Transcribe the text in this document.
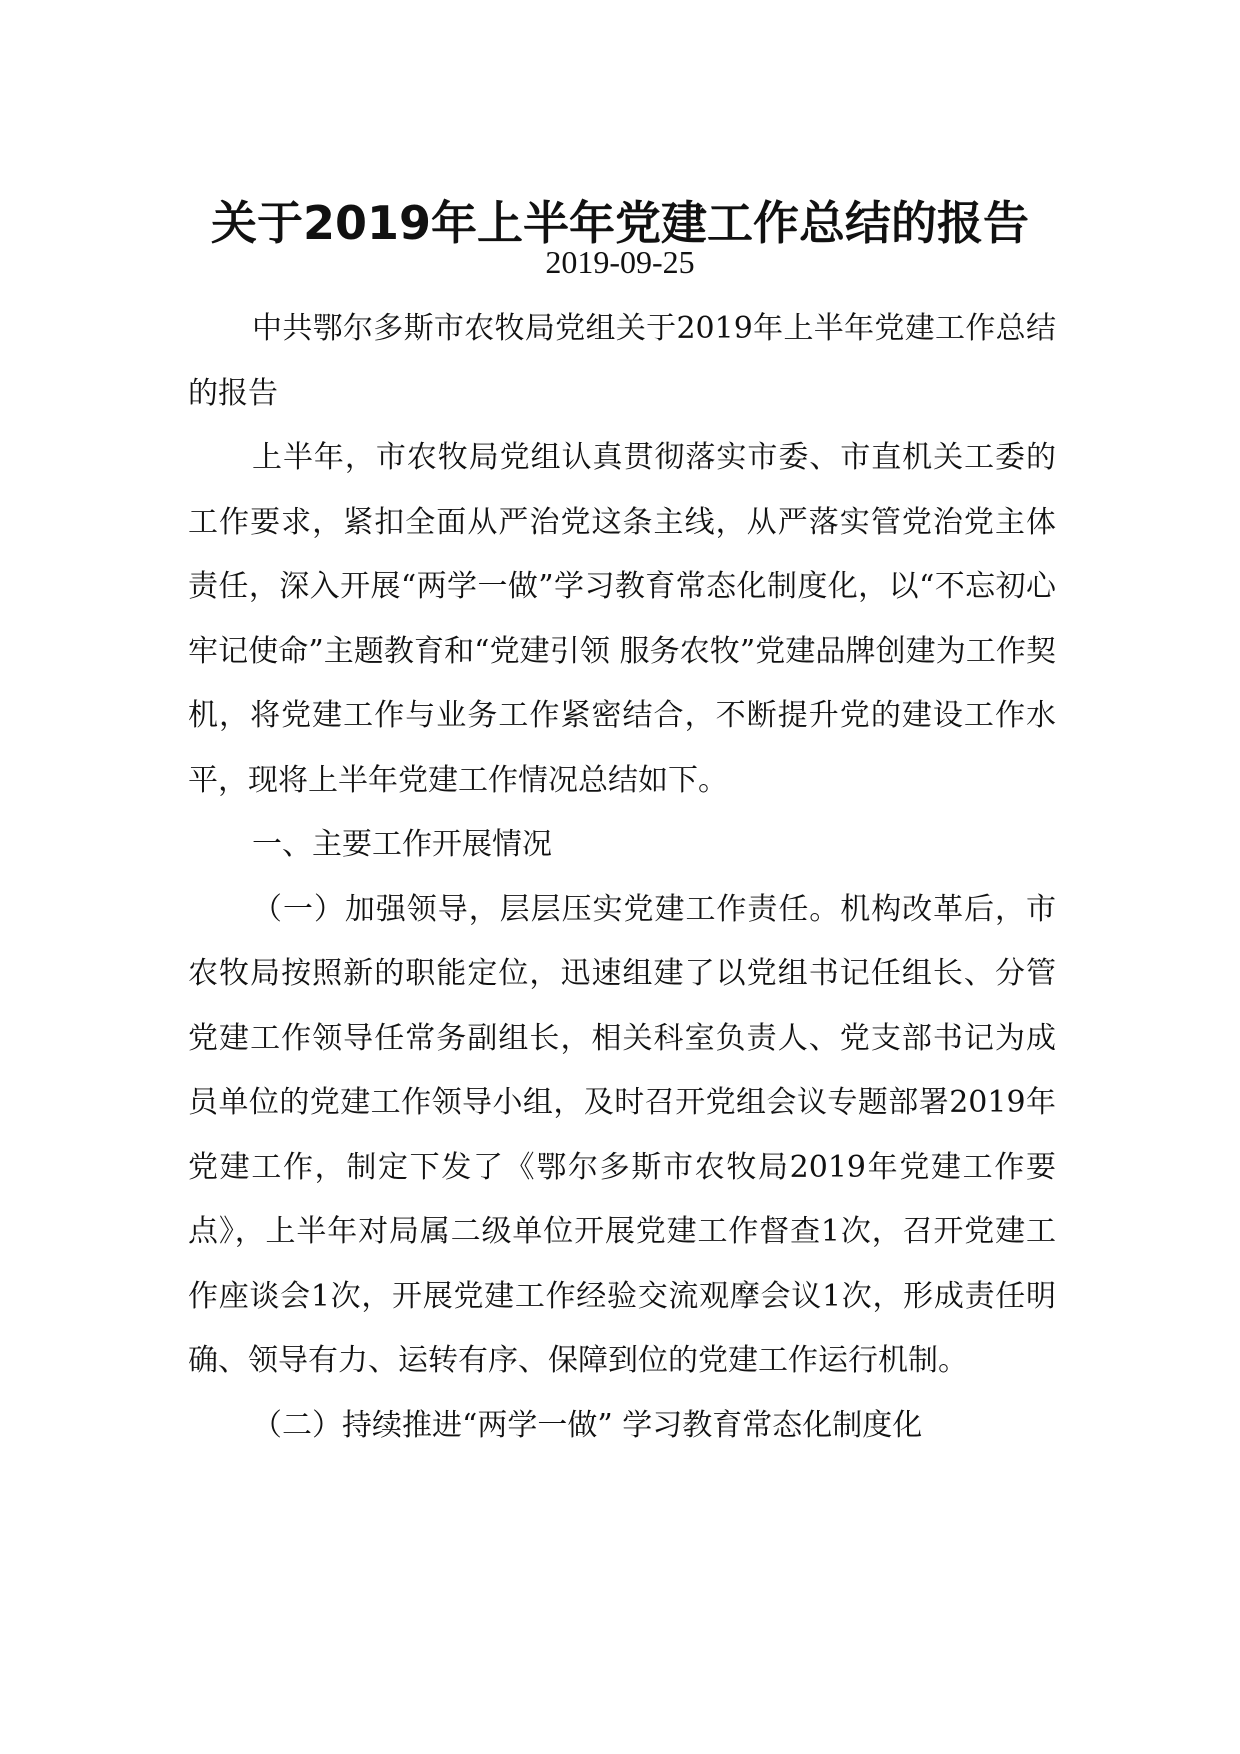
关于2019年上半年党建工作总结的报告
2019-09-25

中共鄂尔多斯市农牧局党组关于2019年上半年党建工作总结的报告

上半年，市农牧局党组认真贯彻落实市委、市直机关工委的工作要求，紧扣全面从严治党这条主线，从严落实管党治党主体责任，深入开展“两学一做”学习教育常态化制度化，以“不忘初心牢记使命”主题教育和“党建引领 服务农牧”党建品牌创建为工作契机，将党建工作与业务工作紧密结合，不断提升党的建设工作水平，现将上半年党建工作情况总结如下。

一、主要工作开展情况

（一）加强领导，层层压实党建工作责任。机构改革后，市农牧局按照新的职能定位，迅速组建了以党组书记任组长、分管党建工作领导任常务副组长，相关科室负责人、党支部书记为成员单位的党建工作领导小组，及时召开党组会议专题部署2019年党建工作，制定下发了《鄂尔多斯市农牧局2019年党建工作要点》，上半年对局属二级单位开展党建工作督查1次，召开党建工作座谈会1次，开展党建工作经验交流观摩会议1次，形成责任明确、领导有力、运转有序、保障到位的党建工作运行机制。

（二）持续推进“两学一做” 学习教育常态化制度化
